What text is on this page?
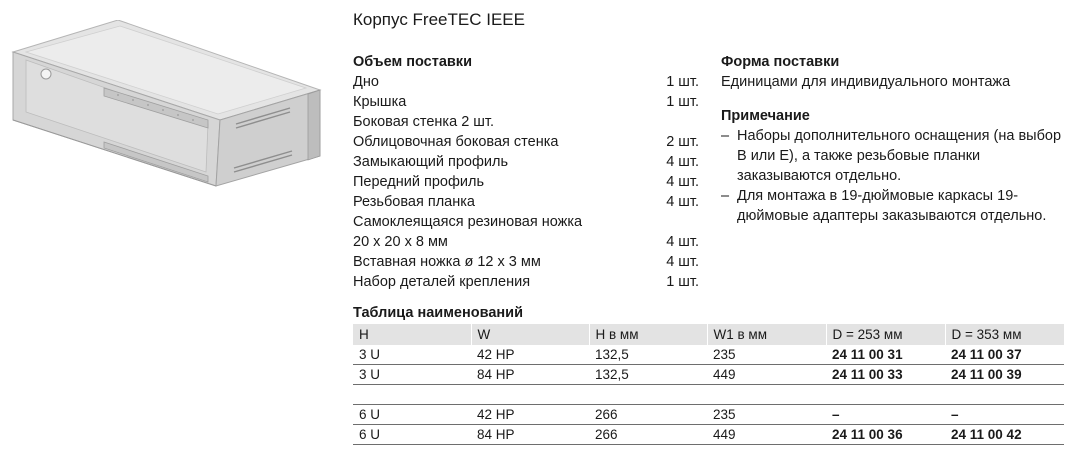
Корпус FreeTEC IEEE
Объем поставки
Дно	1 шт.
Крышка	1 шт.
Боковая стенка 2 шт.
Облицовочная боковая стенка	2 шт.
Замыкающий профиль	4 шт.
Передний профиль	4 шт.
Резьбовая планка	4 шт.
Самоклеящаяся резиновая ножка
20 x 20 x 8 мм	4 шт.
Вставная ножка ø 12 x 3 мм	4 шт.
Набор деталей крепления	1 шт.
Форма поставки
Единицами для индивидуального монтажа
Примечание
– Наборы дополнительного оснащения (на выбор B или E), а также резьбовые планки заказываются отдельно.
– Для монтажа в 19-дюймовые каркасы 19-дюймовые адаптеры заказываются отдельно.
Таблица наименований
H	W	H в мм	W1 в мм	D = 253 мм	D = 353 мм
3 U	42 HP	132,5	235	24 11 00 31	24 11 00 37
3 U	84 HP	132,5	449	24 11 00 33	24 11 00 39

6 U	42 HP	266	235	–	–
6 U	84 HP	266	449	24 11 00 36	24 11 00 42
